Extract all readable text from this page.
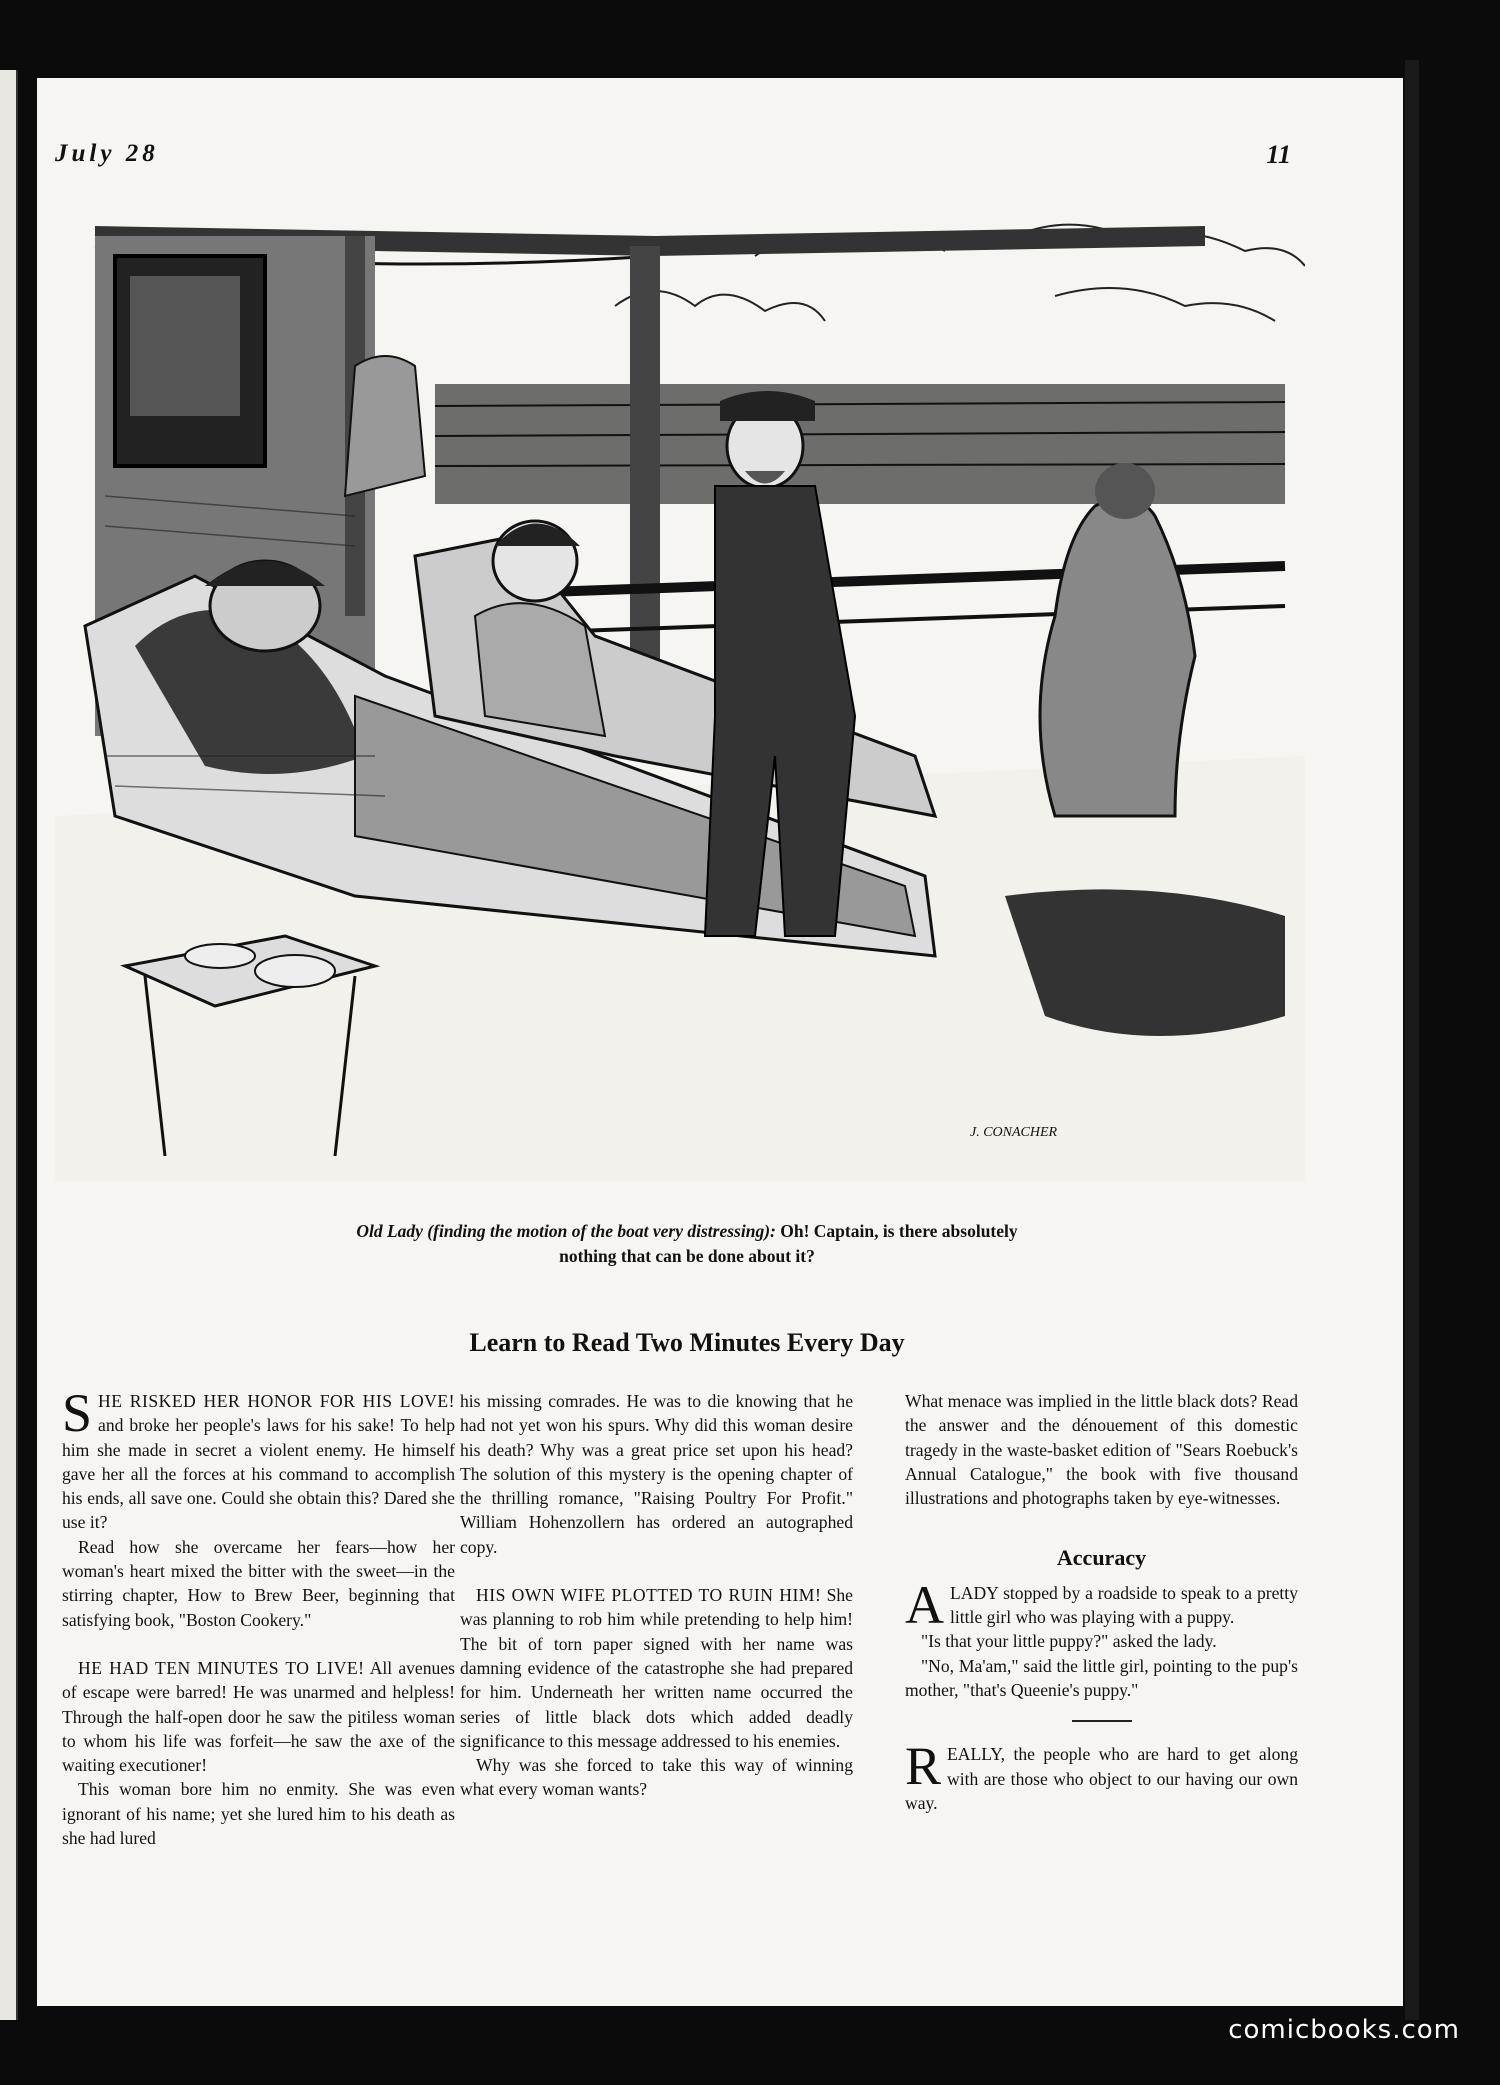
July 28	11
J. CONACHER
Old Lady (finding the motion of the boat very distressing): Oh! Captain, is there absolutely
nothing that can be done about it?
Learn to Read Two Minutes Every Day

SHE RISKED HER HONOR FOR HIS LOVE! and broke her people's laws for his sake! To help him she made in secret a violent enemy. He himself gave her all the forces at his command to accomplish his ends, all save one. Could she obtain this? Dared she use it?

Read how she overcame her fears—how her woman's heart mixed the bitter with the sweet—in the stirring chapter, How to Brew Beer, beginning that satisfying book, "Boston Cookery."

HE HAD TEN MINUTES TO LIVE! All avenues of escape were barred! He was unarmed and helpless! Through the half-open door he saw the pitiless woman to whom his life was forfeit—he saw the axe of the waiting executioner!

This woman bore him no enmity. She was even ignorant of his name; yet she lured him to his death as she had lured

his missing comrades. He was to die knowing that he had not yet won his spurs. Why did this woman desire his death? Why was a great price set upon his head? The solution of this mystery is the opening chapter of the thrilling romance, "Raising Poultry For Profit." William Hohenzollern has ordered an autographed copy.

HIS OWN WIFE PLOTTED TO RUIN HIM! She was planning to rob him while pretending to help him! The bit of torn paper signed with her name was damning evidence of the catastrophe she had prepared for him. Underneath her written name occurred the series of little black dots which added deadly significance to this message addressed to his enemies.

Why was she forced to take this way of winning what every woman wants?

What menace was implied in the little black dots? Read the answer and the dénouement of this domestic tragedy in the waste-basket edition of "Sears Roebuck's Annual Catalogue," the book with five thousand illustrations and photographs taken by eye-witnesses.

Accuracy

ALADY stopped by a roadside to speak to a pretty little girl who was playing with a puppy.

"Is that your little puppy?" asked the lady.

"No, Ma'am," said the little girl, pointing to the pup's mother, "that's Queenie's puppy."

REALLY, the people who are hard to get along with are those who object to our having our own way.

comicbooks.com
